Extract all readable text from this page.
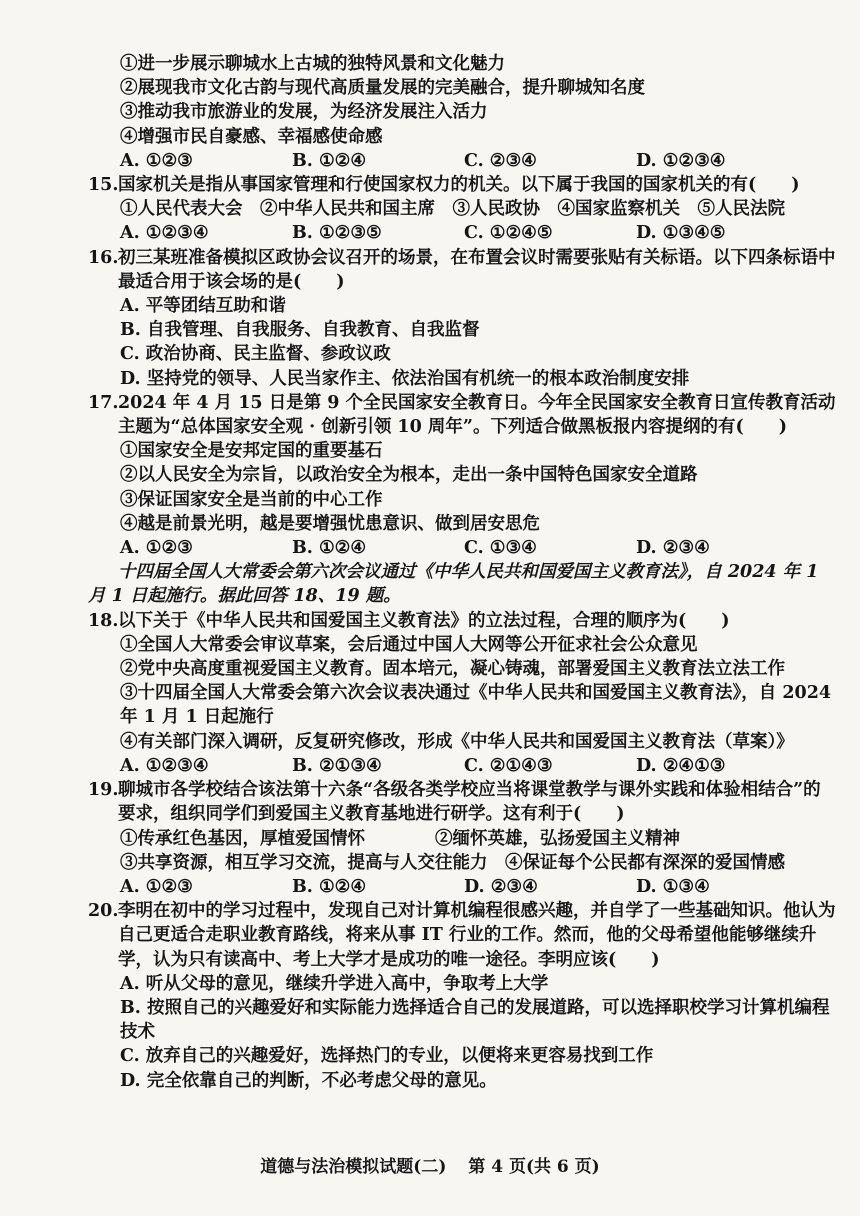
①进一步展示聊城水上古城的独特风景和文化魅力
②展现我市文化古韵与现代高质量发展的完美融合，提升聊城知名度
③推动我市旅游业的发展，为经济发展注入活力
④增强市民自豪感、幸福感使命感
A. ①②③	B. ①②④	C. ②③④	D. ①②③④
15. 国家机关是指从事国家管理和行使国家权力的机关。以下属于我国的国家机关的有(　　)
①人民代表大会　②中华人民共和国主席　③人民政协　④国家监察机关　⑤人民法院
A. ①②③④	B. ①②③⑤	C. ①②④⑤	D. ①③④⑤
16. 初三某班准备模拟区政协会议召开的场景，在布置会议时需要张贴有关标语。以下四条标语中最适合用于该会场的是(　　)
A. 平等团结互助和谐
B. 自我管理、自我服务、自我教育、自我监督
C. 政治协商、民主监督、参政议政
D. 坚持党的领导、人民当家作主、依法治国有机统一的根本政治制度安排
17. 2024 年 4 月 15 日是第 9 个全民国家安全教育日。今年全民国家安全教育日宣传教育活动主题为“总体国家安全观 · 创新引领 10 周年”。下列适合做黑板报内容提纲的有(　　)
①国家安全是安邦定国的重要基石
②以人民安全为宗旨，以政治安全为根本，走出一条中国特色国家安全道路
③保证国家安全是当前的中心工作
④越是前景光明，越是要增强忧患意识、做到居安思危
A. ①②③	B. ①②④	C. ①③④	D. ②③④
十四届全国人大常委会第六次会议通过《中华人民共和国爱国主义教育法》，自 2024 年 1 月 1 日起施行。据此回答 18、19 题。
18. 以下关于《中华人民共和国爱国主义教育法》的立法过程，合理的顺序为(　　)
①全国人大常委会审议草案，会后通过中国人大网等公开征求社会公众意见
②党中央高度重视爱国主义教育。固本培元，凝心铸魂，部署爱国主义教育法立法工作
③十四届全国人大常委会第六次会议表决通过《中华人民共和国爱国主义教育法》，自 2024 年 1 月 1 日起施行
④有关部门深入调研，反复研究修改，形成《中华人民共和国爱国主义教育法（草案）》
A. ①②③④	B. ②①③④	C. ②①④③	D. ②④①③
19. 聊城市各学校结合该法第十六条“各级各类学校应当将课堂教学与课外实践和体验相结合”的要求，组织同学们到爱国主义教育基地进行研学。这有利于(　　)
①传承红色基因，厚植爱国情怀　　　　②缅怀英雄，弘扬爱国主义精神
③共享资源，相互学习交流，提高与人交往能力　④保证每个公民都有深深的爱国情感
A. ①②③	B. ①②④	D. ②③④	D. ①③④
20. 李明在初中的学习过程中，发现自己对计算机编程很感兴趣，并自学了一些基础知识。他认为自己更适合走职业教育路线，将来从事 IT 行业的工作。然而，他的父母希望他能够继续升学，认为只有读高中、考上大学才是成功的唯一途径。李明应该(　　)
A. 听从父母的意见，继续升学进入高中，争取考上大学
B. 按照自己的兴趣爱好和实际能力选择适合自己的发展道路，可以选择职校学习计算机编程技术
C. 放弃自己的兴趣爱好，选择热门的专业，以便将来更容易找到工作
D. 完全依靠自己的判断，不必考虑父母的意见。
道德与法治模拟试题(二) 第 4 页(共 6 页)
